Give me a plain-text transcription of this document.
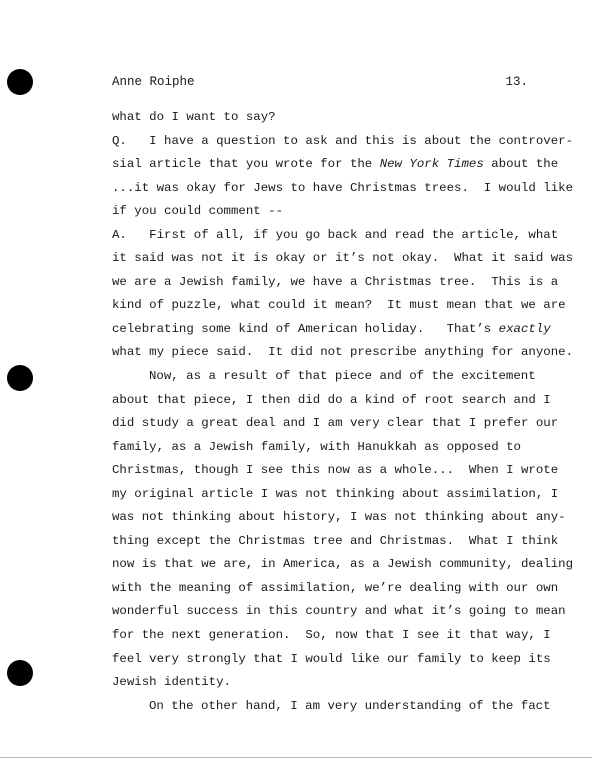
Anne Roiphe	13.
what do I want to say?
Q.   I have a question to ask and this is about the controver-
sial article that you wrote for the New York Times about the
...it was okay for Jews to have Christmas trees.  I would like
if you could comment --
A.   First of all, if you go back and read the article, what
it said was not it is okay or it’s not okay.  What it said was
we are a Jewish family, we have a Christmas tree.  This is a
kind of puzzle, what could it mean?  It must mean that we are
celebrating some kind of American holiday.   That’s exactly
what my piece said.  It did not prescribe anything for anyone.
Now, as a result of that piece and of the excitement
about that piece, I then did do a kind of root search and I
did study a great deal and I am very clear that I prefer our
family, as a Jewish family, with Hanukkah as opposed to
Christmas, though I see this now as a whole...  When I wrote
my original article I was not thinking about assimilation, I
was not thinking about history, I was not thinking about any-
thing except the Christmas tree and Christmas.  What I think
now is that we are, in America, as a Jewish community, dealing
with the meaning of assimilation, we’re dealing with our own
wonderful success in this country and what it’s going to mean
for the next generation.  So, now that I see it that way, I
feel very strongly that I would like our family to keep its
Jewish identity.
On the other hand, I am very understanding of the fact
